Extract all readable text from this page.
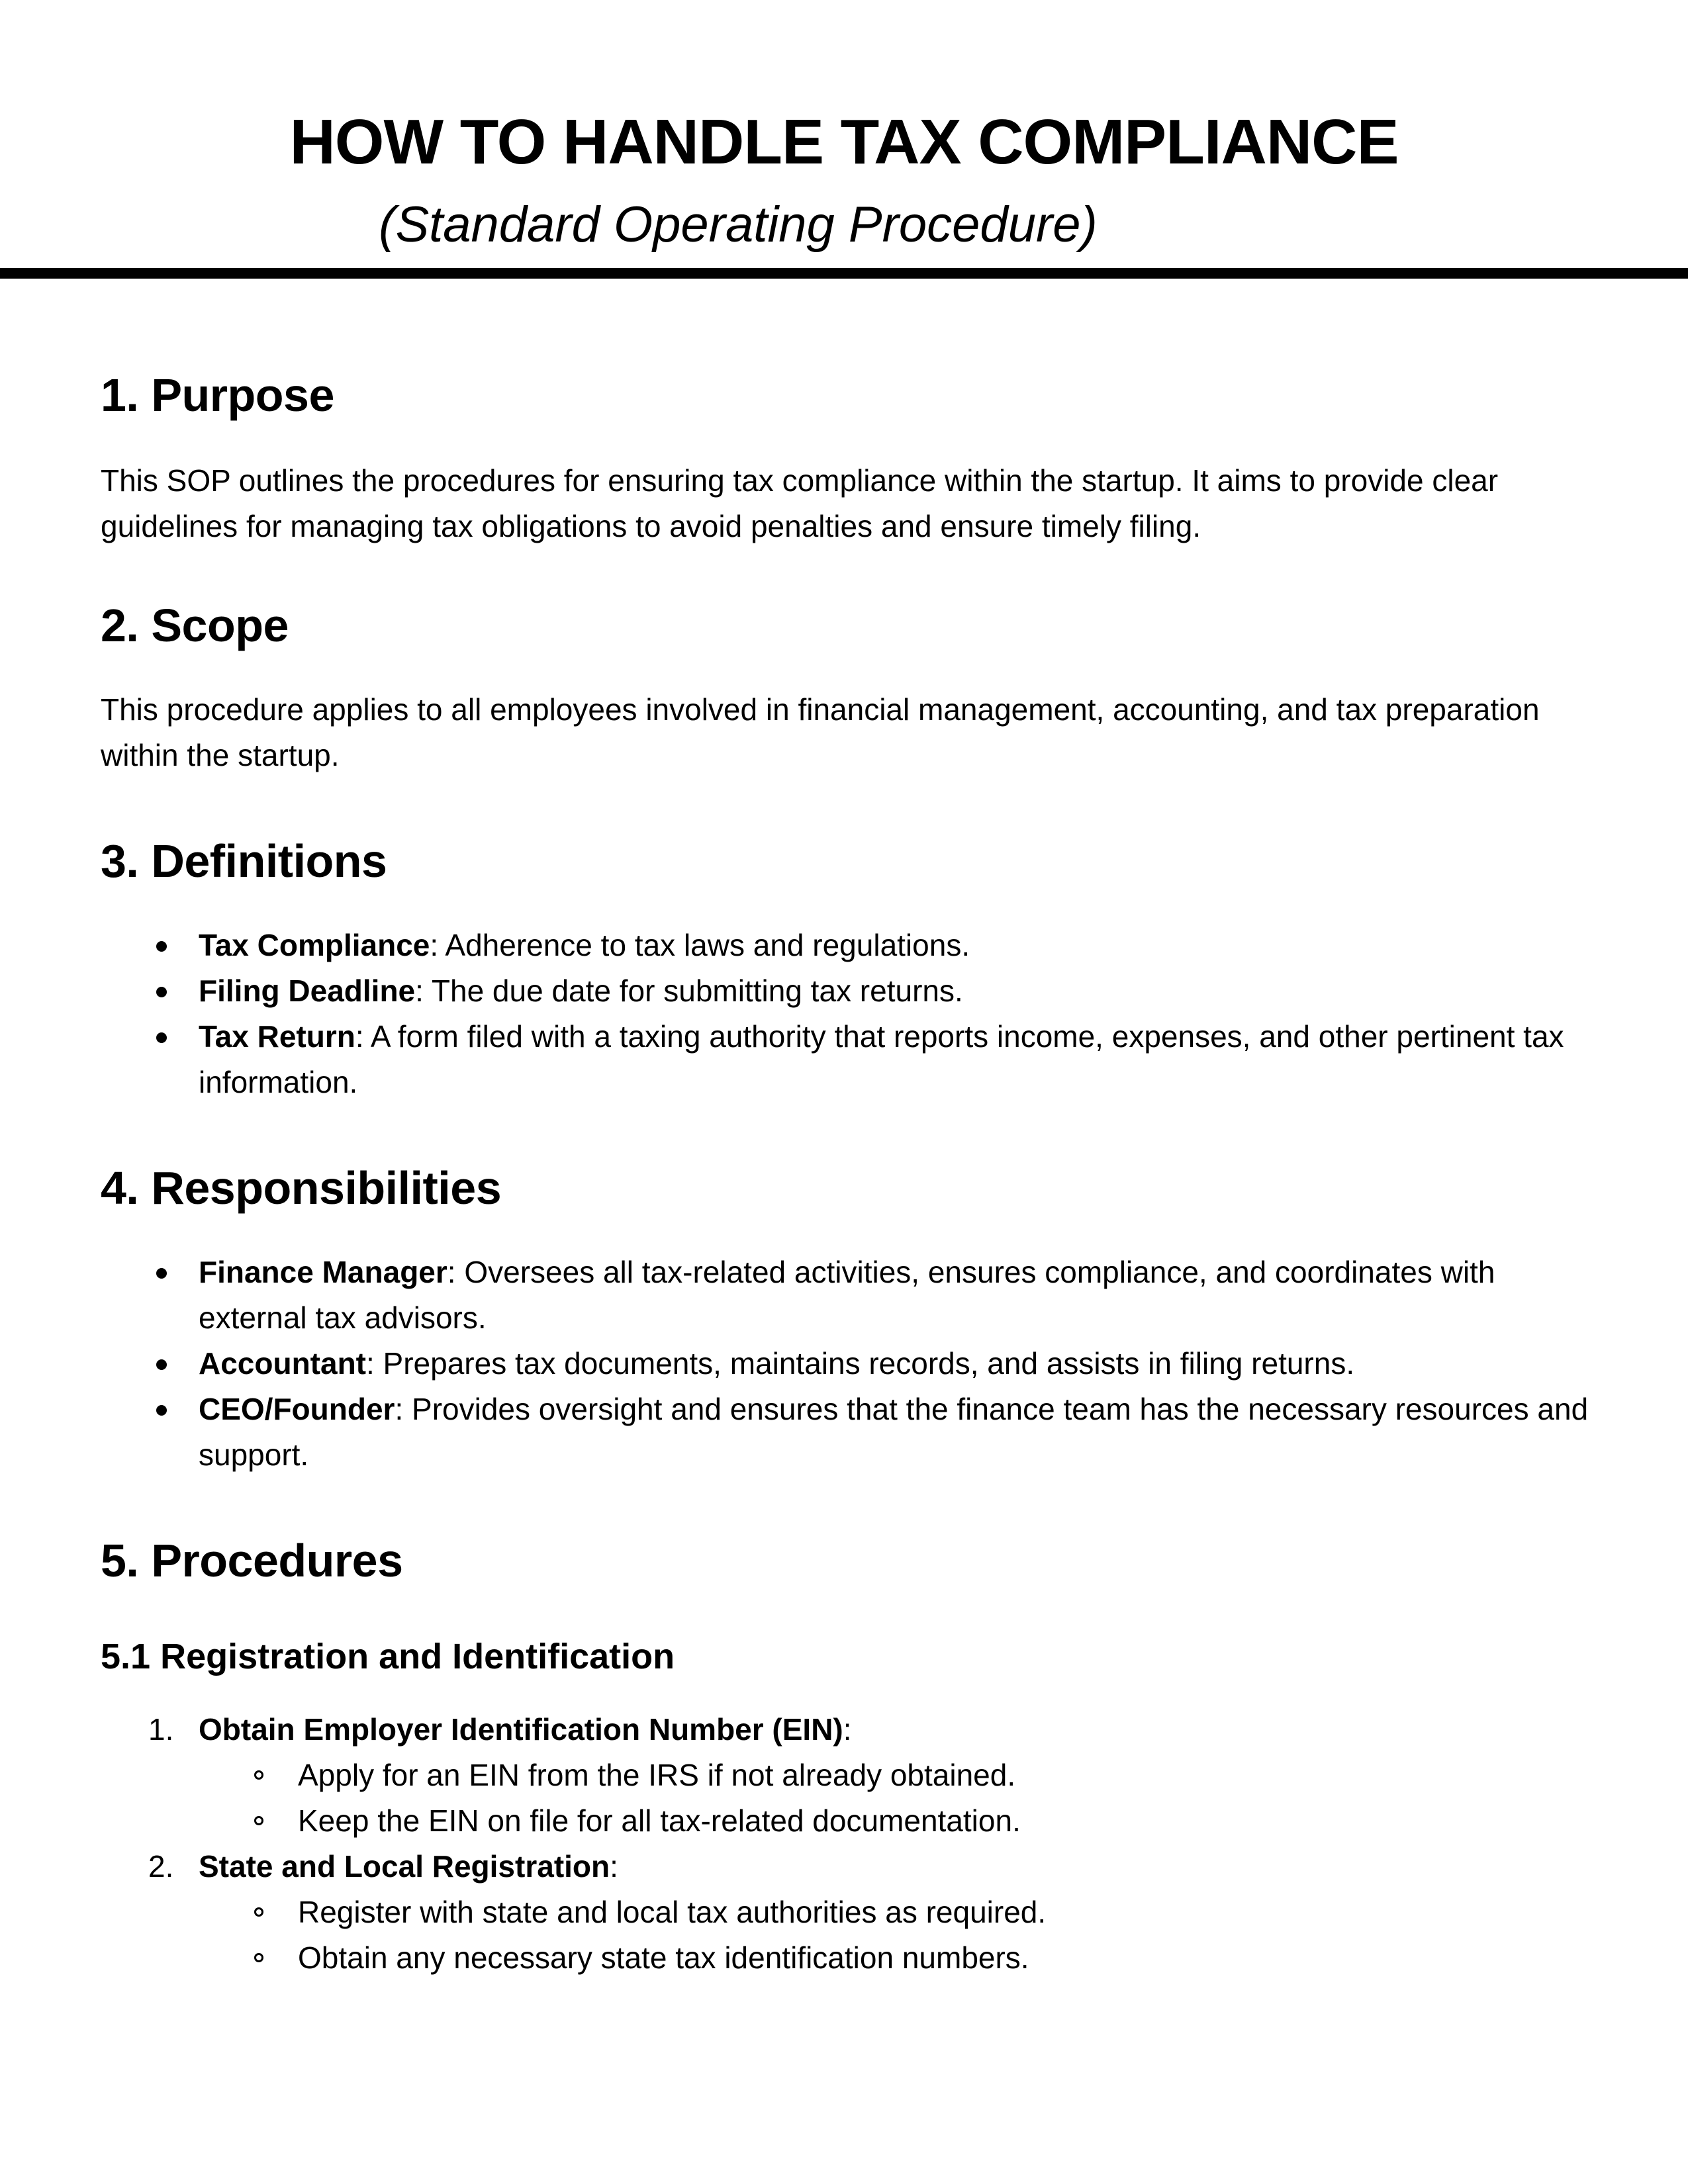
HOW TO HANDLE TAX COMPLIANCE
(Standard Operating Procedure)
1. Purpose

This SOP outlines the procedures for ensuring tax compliance within the startup. It aims to provide clear guidelines for managing tax obligations to avoid penalties and ensure timely filing.

2. Scope

This procedure applies to all employees involved in financial management, accounting, and tax preparation within the startup.

3. Definitions
Tax Compliance: Adherence to tax laws and regulations.
Filing Deadline: The due date for submitting tax returns.
Tax Return: A form filed with a taxing authority that reports income, expenses, and other pertinent tax information.
4. Responsibilities
Finance Manager: Oversees all tax-related activities, ensures compliance, and coordinates with external tax advisors.
Accountant: Prepares tax documents, maintains records, and assists in filing returns.
CEO/Founder: Provides oversight and ensures that the finance team has the necessary resources and support.
5. Procedures
5.1 Registration and Identification
1. Obtain Employer Identification Number (EIN):
Apply for an EIN from the IRS if not already obtained.
Keep the EIN on file for all tax-related documentation.
2. State and Local Registration:
Register with state and local tax authorities as required.
Obtain any necessary state tax identification numbers.
